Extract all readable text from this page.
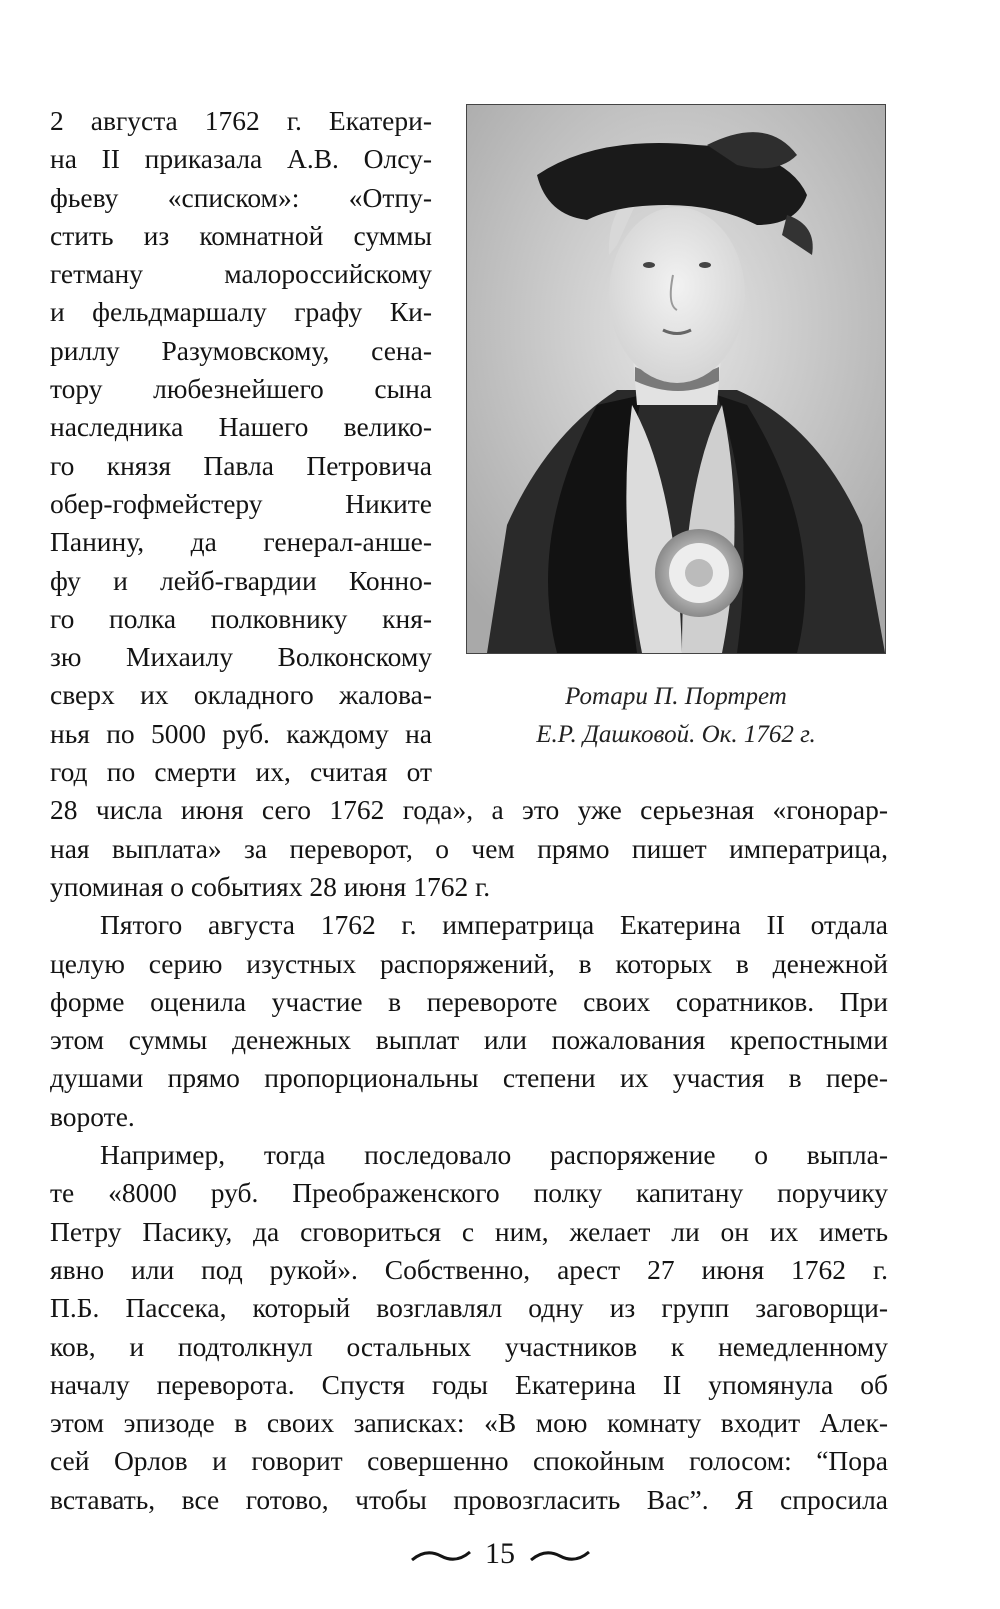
Ротари П. Портрет
Е.Р. Дашковой. Ок. 1762 г.
2 августа 1762 г. Екатери-
на II приказала А.В. Олсу-
фьеву «списком»: «Отпу-
стить из комнатной суммы
гетману малороссийскому
и фельдмаршалу графу Ки-
риллу Разумовскому, сена-
тору любезнейшего сына
наследника Нашего велико-
го князя Павла Петровича
обер-гофмейстеру Никите
Панину, да генерал-анше-
фу и лейб-гвардии Конно-
го полка полковнику кня-
зю Михаилу Волконскому
сверх их окладного жалова-
нья по 5000 руб. каждому на
год по смерти их, считая от
28 числа июня сего 1762 года», а это уже серьезная «гонорар-
ная выплата» за переворот, о чем прямо пишет императрица,
упоминая о событиях 28 июня 1762 г.
Пятого августа 1762 г. императрица Екатерина II отдала
целую серию изустных распоряжений, в которых в денежной
форме оценила участие в перевороте своих соратников. При
этом суммы денежных выплат или пожалования крепостными
душами прямо пропорциональны степени их участия в пере-
вороте.
Например, тогда последовало распоряжение о выпла-
те «8000 руб. Преображенского полку капитану поручику
Петру Пасику, да сговориться с ним, желает ли он их иметь
явно или под рукой». Собственно, арест 27 июня 1762 г.
П.Б. Пассека, который возглавлял одну из групп заговорщи-
ков, и подтолкнул остальных участников к немедленному
началу переворота. Спустя годы Екатерина II упомянула об
этом эпизоде в своих записках: «В мою комнату входит Алек-
сей Орлов и говорит совершенно спокойным голосом: “Пора
вставать, все готово, чтобы провозгласить Вас”. Я спросила
15
